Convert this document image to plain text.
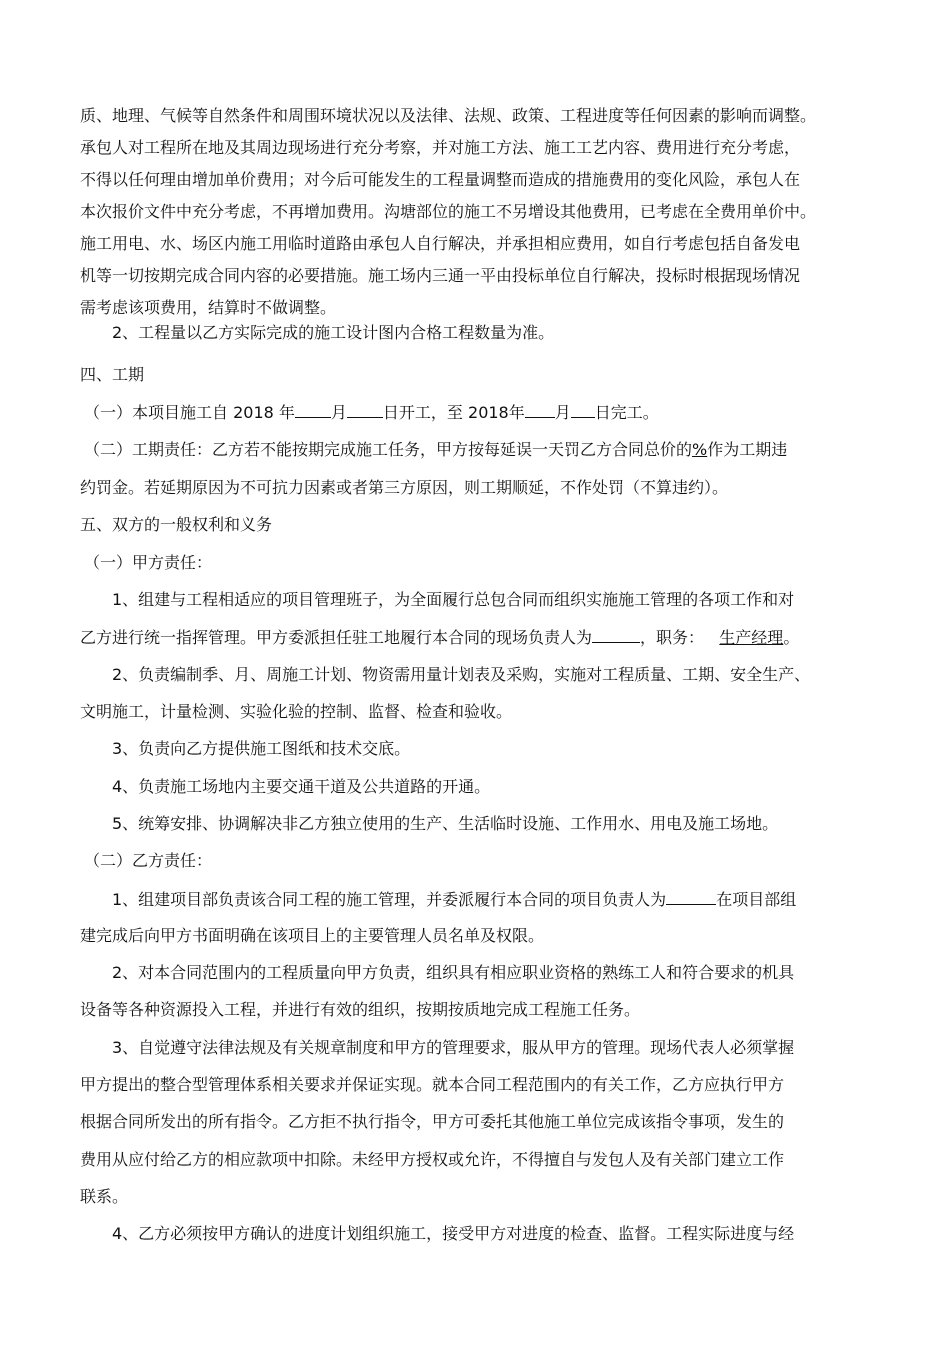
质、地理、气候等自然条件和周围环境状况以及法律、法规、政策、工程进度等任何因素的影响而调整。
承包人对工程所在地及其周边现场进行充分考察，并对施工方法、施工工艺内容、费用进行充分考虑，
不得以任何理由增加单价费用；对今后可能发生的工程量调整而造成的措施费用的变化风险，承包人在
本次报价文件中充分考虑，不再增加费用。沟塘部位的施工不另增设其他费用，已考虑在全费用单价中。
施工用电、水、场区内施工用临时道路由承包人自行解决，并承担相应费用，如自行考虑包括自备发电
机等一切按期完成合同内容的必要措施。施工场内三通一平由投标单位自行解决，投标时根据现场情况
需考虑该项费用，结算时不做调整。
2、工程量以乙方实际完成的施工设计图内合格工程数量为准。
四、工期
（一）本项目施工自 2018 年 月 日开工，至 2018年 月 日完工。
（二）工期责任：乙方若不能按期完成施工任务，甲方按每延误一天罚乙方合同总价的%作为工期违
约罚金。若延期原因为不可抗力因素或者第三方原因，则工期顺延，不作处罚（不算违约）。
五、双方的一般权利和义务
（一）甲方责任：
1、组建与工程相适应的项目管理班子，为全面履行总包合同而组织实施施工管理的各项工作和对
乙方进行统一指挥管理。甲方委派担任驻工地履行本合同的现场负责人为	，职务： 生产经理。
2、负责编制季、月、周施工计划、物资需用量计划表及采购，实施对工程质量、工期、安全生产、
文明施工，计量检测、实验化验的控制、监督、检查和验收。
3、负责向乙方提供施工图纸和技术交底。
4、负责施工场地内主要交通干道及公共道路的开通。
5、统筹安排、协调解决非乙方独立使用的生产、生活临时设施、工作用水、用电及施工场地。
（二）乙方责任：
1、组建项目部负责该合同工程的施工管理，并委派履行本合同的项目负责人为	在项目部组
建完成后向甲方书面明确在该项目上的主要管理人员名单及权限。
2、对本合同范围内的工程质量向甲方负责，组织具有相应职业资格的熟练工人和符合要求的机具
设备等各种资源投入工程，并进行有效的组织，按期按质地完成工程施工任务。
3、自觉遵守法律法规及有关规章制度和甲方的管理要求，服从甲方的管理。现场代表人必须掌握
甲方提出的整合型管理体系相关要求并保证实现。就本合同工程范围内的有关工作，乙方应执行甲方
根据合同所发出的所有指令。乙方拒不执行指令，甲方可委托其他施工单位完成该指令事项，发生的
费用从应付给乙方的相应款项中扣除。未经甲方授权或允许，不得擅自与发包人及有关部门建立工作
联系。
4、乙方必须按甲方确认的进度计划组织施工，接受甲方对进度的检查、监督。工程实际进度与经
